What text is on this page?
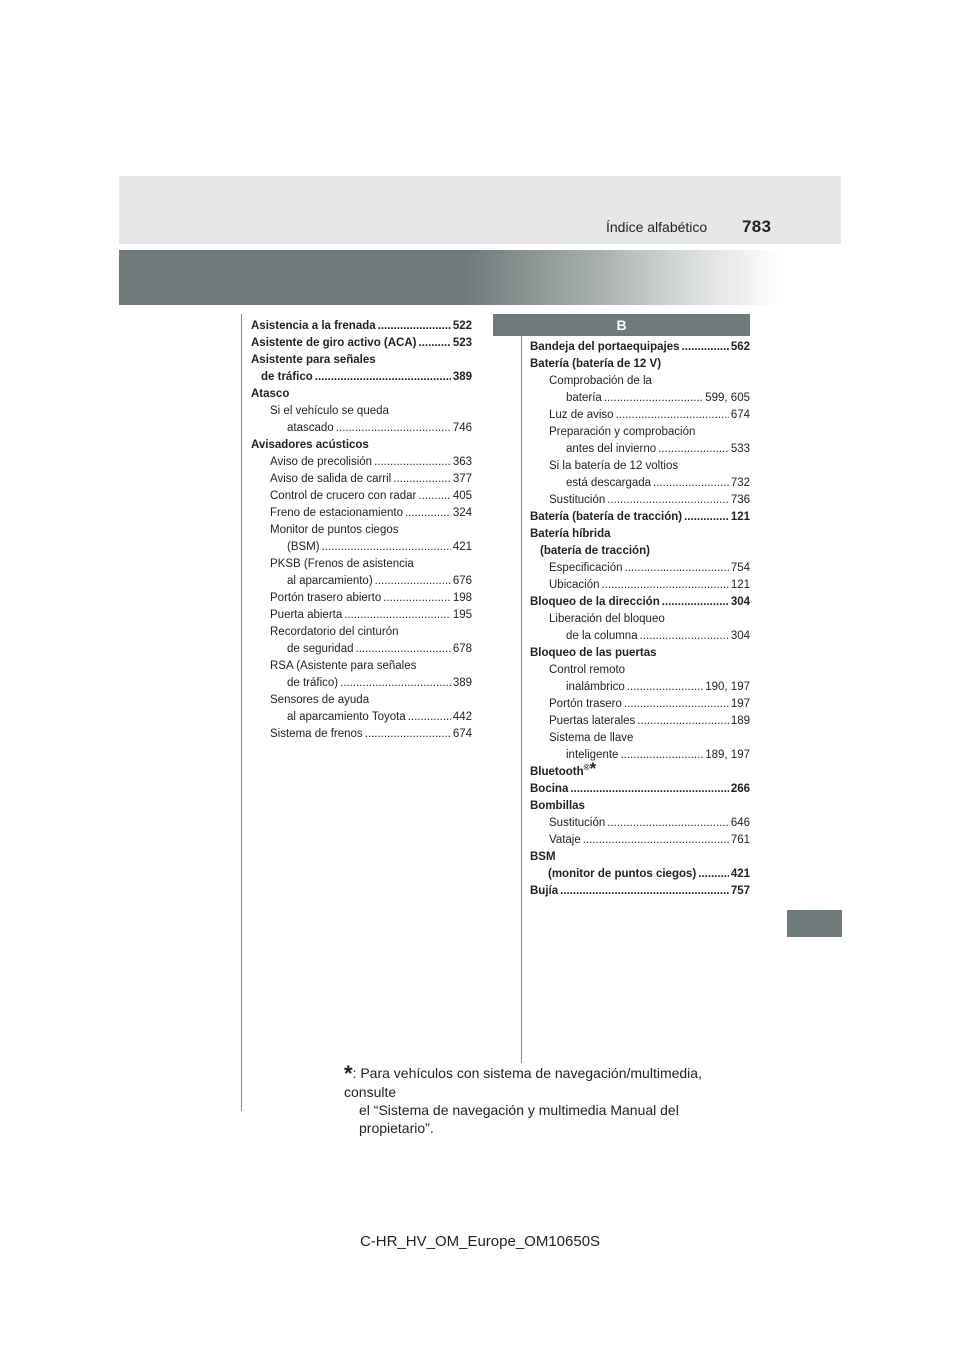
Índice alfabético 783
B
Asistencia a la frenada .....	522
Asistente de giro activo (ACA) .....	523
Asistente para señales
de tráfico .....	389
Atasco
Si el vehículo se queda
atascado .....	746
Avisadores acústicos
Aviso de precolisión .....	363
Aviso de salida de carril .....	377
Control de crucero con radar .....	405
Freno de estacionamiento .....	324
Monitor de puntos ciegos
(BSM) .....	421
PKSB (Frenos de asistencia
al aparcamiento) .....	676
Portón trasero abierto .....	198
Puerta abierta .....	195
Recordatorio del cinturón
de seguridad .....	678
RSA (Asistente para señales
de tráfico) .....	389
Sensores de ayuda
al aparcamiento Toyota .....	442
Sistema de frenos .....	674
Bandeja del portaequipajes .....	562
Batería (batería de 12 V)
Comprobación de la
batería .....	599, 605
Luz de aviso .....	674
Preparación y comprobación
antes del invierno .....	533
Si la batería de 12 voltios
está descargada .....	732
Sustitución .....	736
Batería (batería de tracción) .....	121
Batería híbrida
(batería de tracción)
Especificación .....	754
Ubicación .....	121
Bloqueo de la dirección .....	304
Liberación del bloqueo
de la columna .....	304
Bloqueo de las puertas
Control remoto
inalámbrico .....	190, 197
Portón trasero .....	197
Puertas laterales .....	189
Sistema de llave
inteligente .....	189, 197
Bluetooth®*
Bocina .....	266
Bombillas
Sustitución .....	646
Vataje .....	761
BSM
(monitor de puntos ciegos) .....	421
Bujía .....	757
*: Para vehículos con sistema de navegación/multimedia, consulte
el “Sistema de navegación y multimedia Manual del propietario”.
C-HR_HV_OM_Europe_OM10650S
